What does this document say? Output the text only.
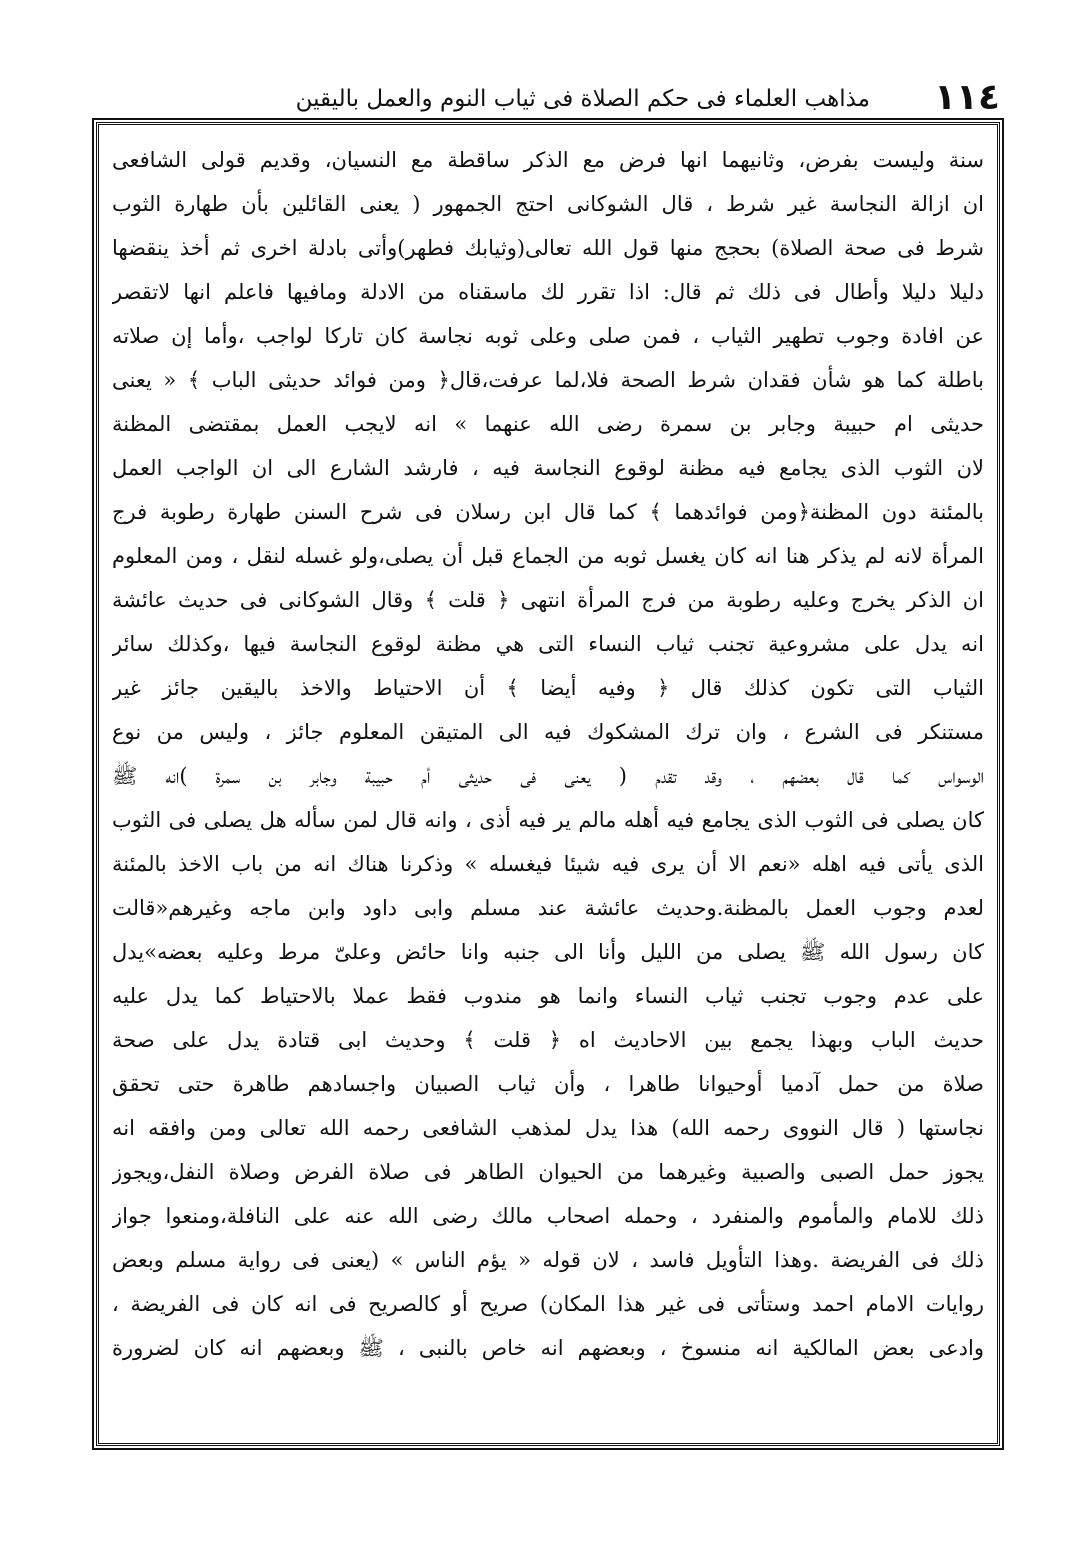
١١٤
مذاهب العلماء فى حكم الصلاة فى ثياب النوم والعمل باليقين
سنة وليست بفرض، وثانيهما انها فرض مع الذكر ساقطة مع النسيان، وقديم قولى الشافعى
ان ازالة النجاسة غير شرط ، قال الشوكانى احتج الجمهور ( يعنى القائلين بأن طهارة الثوب
شرط فى صحة الصلاة) بحجج منها قول الله تعالى(وثيابك فطهر)وأتى بادلة اخرى ثم أخذ ينقضها
دليلا دليلا وأطال فى ذلك ثم قال: اذا تقرر لك ماسقناه من الادلة ومافيها فاعلم انها لاتقصر
عن افادة وجوب تطهير الثياب ، فمن صلى وعلى ثوبه نجاسة كان تاركا لواجب ،وأما إن صلاته
باطلة كما هو شأن فقدان شرط الصحة فلا،لما عرفت،قال﴿ ومن فوائد حديثى الباب ﴾ « يعنى
حديثى ام حبيبة وجابر بن سمرة رضى الله عنهما » انه لايجب العمل بمقتضى المظنة
لان الثوب الذى يجامع فيه مظنة لوقوع النجاسة فيه ، فارشد الشارع الى ان الواجب العمل
بالمئنة دون المظنة﴿ومن فوائدهما ﴾ كما قال ابن رسلان فى شرح السنن طهارة رطوبة فرج
المرأة لانه لم يذكر هنا انه كان يغسل ثوبه من الجماع قبل أن يصلى،ولو غسله لنقل ، ومن المعلوم
ان الذكر يخرج وعليه رطوبة من فرج المرأة انتهى ﴿ قلت ﴾ وقال الشوكانى فى حديث عائشة
انه يدل على مشروعية تجنب ثياب النساء التى هي مظنة لوقوع النجاسة فيها ،وكذلك سائر
الثياب التى تكون كذلك قال ﴿ وفيه أيضا ﴾ أن الاحتياط والاخذ باليقين جائز غير
مستنكر فى الشرع ، وان ترك المشكوك فيه الى المتيقن المعلوم جائز ، وليس من نوع
الوسواس كما قال بعضهم ، وقد تقدم ( يعنى فى حديثى أم حبيبة وجابر بن سمرة )انه ﷺ
كان يصلى فى الثوب الذى يجامع فيه أهله مالم ير فيه أذى ، وانه قال لمن سأله هل يصلى فى الثوب
الذى يأتى فيه اهله «نعم الا أن يرى فيه شيئا فيغسله » وذكرنا هناك انه من باب الاخذ بالمئنة
لعدم وجوب العمل بالمظنة.وحديث عائشة عند مسلم وابى داود وابن ماجه وغيرهم«قالت
كان رسول الله ﷺ يصلى من الليل وأنا الى جنبه وانا حائض وعلىّ مرط وعليه بعضه»يدل
على عدم وجوب تجنب ثياب النساء وانما هو مندوب فقط عملا بالاحتياط كما يدل عليه
حديث الباب وبهذا يجمع بين الاحاديث اه ﴿ قلت ﴾ وحديث ابى قتادة يدل على صحة
صلاة من حمل آدميا أوحيوانا طاهرا ، وأن ثياب الصبيان واجسادهم طاهرة حتى تحقق
نجاستها ( قال النووى رحمه الله) هذا يدل لمذهب الشافعى رحمه الله تعالى ومن وافقه انه
يجوز حمل الصبى والصبية وغيرهما من الحيوان الطاهر فى صلاة الفرض وصلاة النفل،ويجوز
ذلك للامام والمأموم والمنفرد ، وحمله اصحاب مالك رضى الله عنه على النافلة،ومنعوا جواز
ذلك فى الفريضة .وهذا التأويل فاسد ، لان قوله « يؤم الناس » (يعنى فى رواية مسلم وبعض
روايات الامام احمد وستأتى فى غير هذا المكان) صريح أو كالصريح فى انه كان فى الفريضة ،
وادعى بعض المالكية انه منسوخ ، وبعضهم انه خاص بالنبى ، ﷺ وبعضهم انه كان لضرورة
